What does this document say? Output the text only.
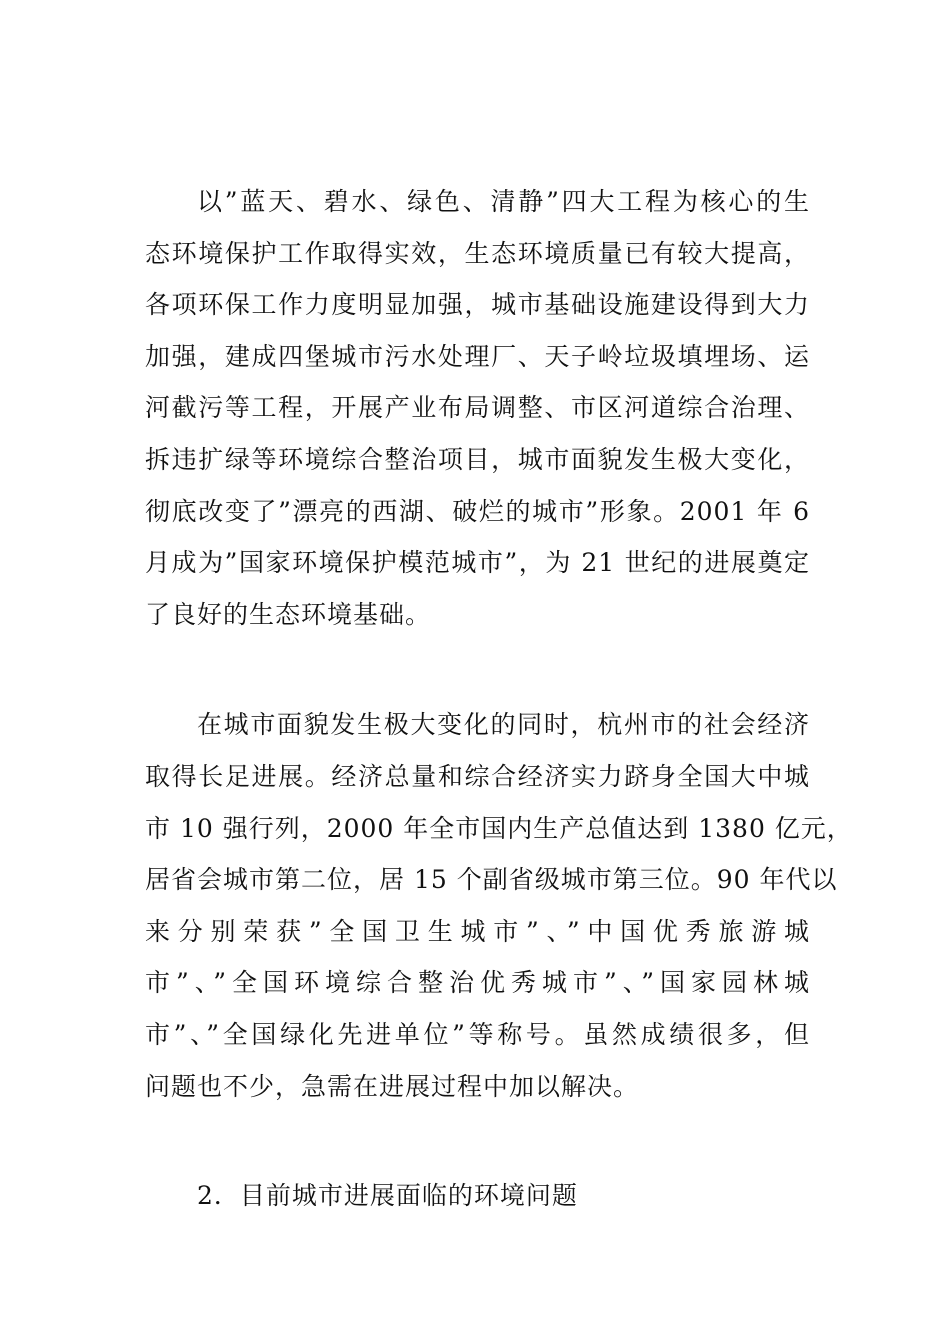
以”蓝天、碧水、绿色、清静”四大工程为核心的生
态环境保护工作取得实效，生态环境质量已有较大提高，
各项环保工作力度明显加强，城市基础设施建设得到大力
加强，建成四堡城市污水处理厂、天子岭垃圾填埋场、运
河截污等工程，开展产业布局调整、市区河道综合治理、
拆违扩绿等环境综合整治项目，城市面貌发生极大变化，
彻底改变了”漂亮的西湖、破烂的城市”形象。2001 年 6
月成为”国家环境保护模范城市”，为 21 世纪的进展奠定
了良好的生态环境基础。
在城市面貌发生极大变化的同时，杭州市的社会经济
取得长足进展。经济总量和综合经济实力跻身全国大中城
市 10 强行列，2000 年全市国内生产总值达到 1380 亿元，
居省会城市第二位，居 15 个副省级城市第三位。90 年代以
来分别荣获”全国卫生城市”、”中国优秀旅游城
市”、”全国环境综合整治优秀城市”、”国家园林城
市”、”全国绿化先进单位”等称号。虽然成绩很多，但
问题也不少，急需在进展过程中加以解决。
2．目前城市进展面临的环境问题
